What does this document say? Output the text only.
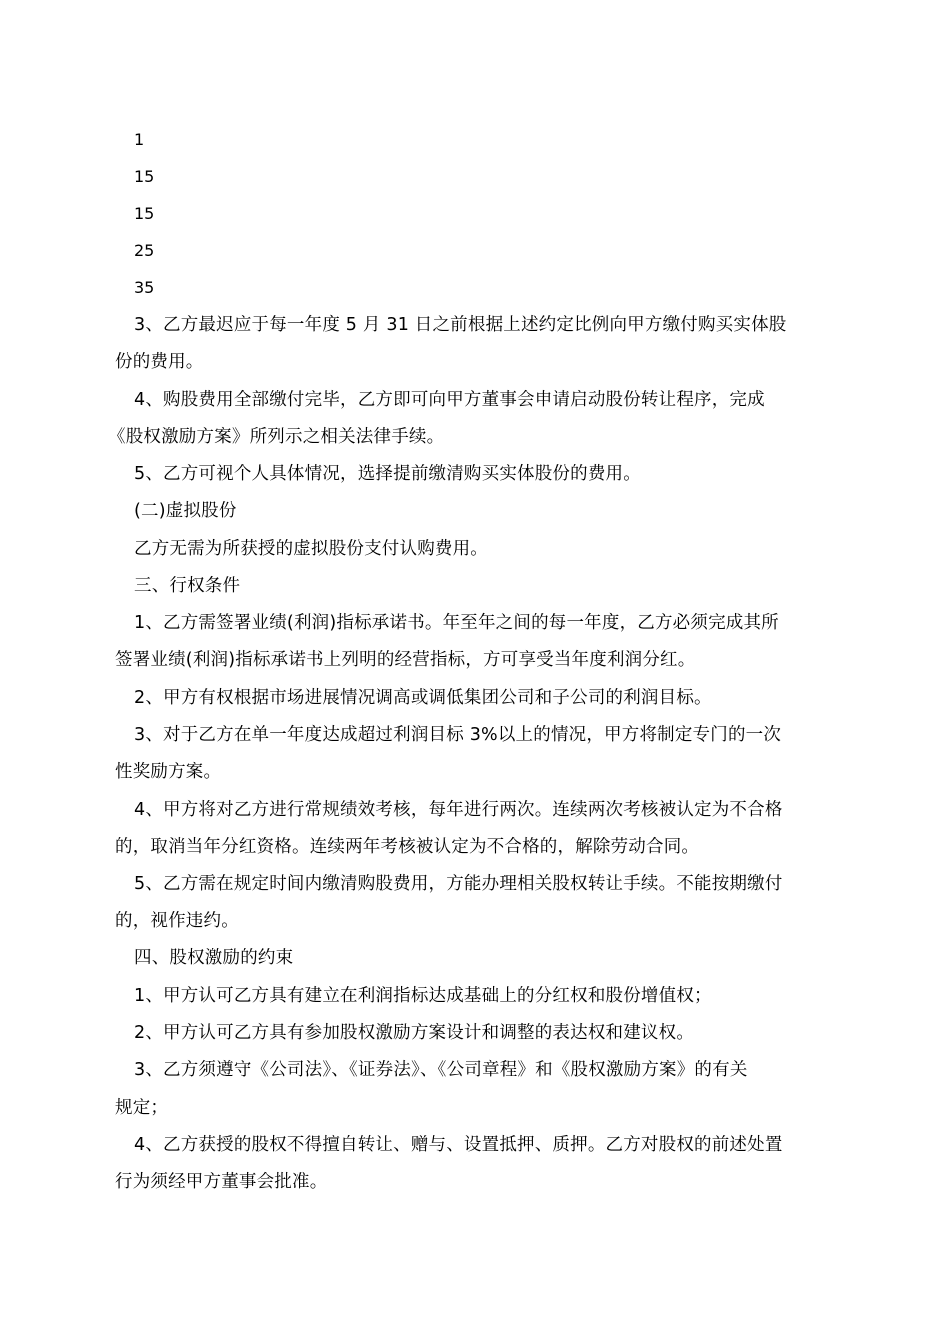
1
15
15
25
35
3、乙方最迟应于每一年度 5 月 31 日之前根据上述约定比例向甲方缴付购买实体股
份的费用。
4、购股费用全部缴付完毕，乙方即可向甲方董事会申请启动股份转让程序，完成
《股权激励方案》所列示之相关法律手续。
5、乙方可视个人具体情况，选择提前缴清购买实体股份的费用。
(二)虚拟股份
乙方无需为所获授的虚拟股份支付认购费用。
三、行权条件
1、乙方需签署业绩(利润)指标承诺书。年至年之间的每一年度，乙方必须完成其所
签署业绩(利润)指标承诺书上列明的经营指标，方可享受当年度利润分红。
2、甲方有权根据市场进展情况调高或调低集团公司和子公司的利润目标。
3、对于乙方在单一年度达成超过利润目标 3%以上的情况，甲方将制定专门的一次
性奖励方案。
4、甲方将对乙方进行常规绩效考核，每年进行两次。连续两次考核被认定为不合格
的，取消当年分红资格。连续两年考核被认定为不合格的，解除劳动合同。
5、乙方需在规定时间内缴清购股费用，方能办理相关股权转让手续。不能按期缴付
的，视作违约。
四、股权激励的约束
1、甲方认可乙方具有建立在利润指标达成基础上的分红权和股份增值权；
2、甲方认可乙方具有参加股权激励方案设计和调整的表达权和建议权。
3、乙方须遵守《公司法》、《证券法》、《公司章程》和《股权激励方案》的有关
规定；
4、乙方获授的股权不得擅自转让、赠与、设置抵押、质押。乙方对股权的前述处置
行为须经甲方董事会批准。
